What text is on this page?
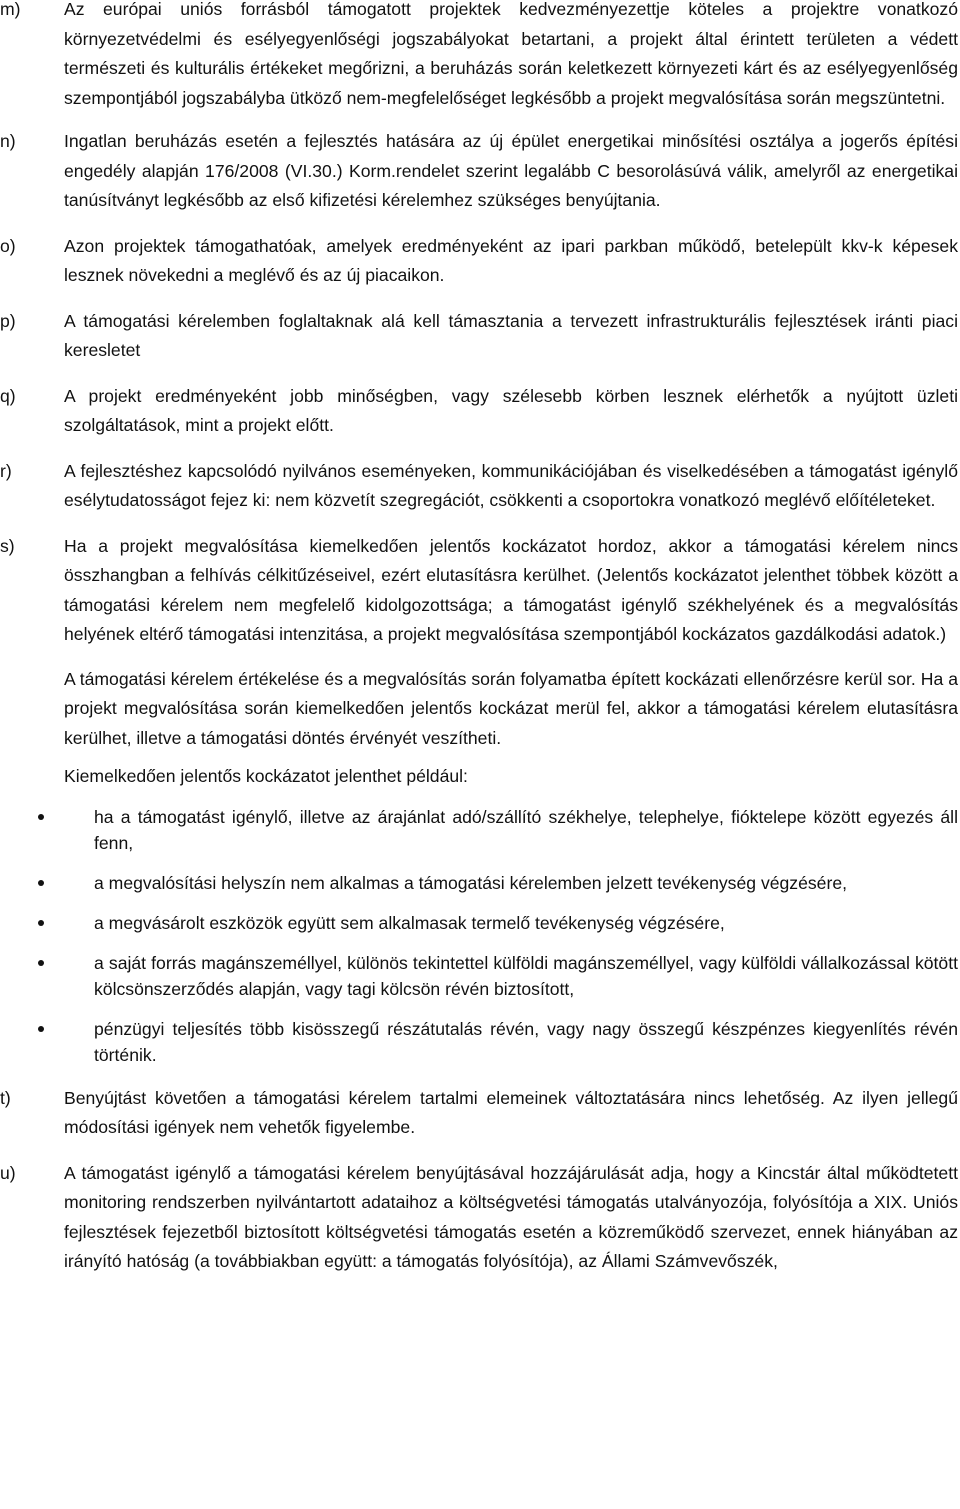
m) Az európai uniós forrásból támogatott projektek kedvezményezettje köteles a projektre vonatkozó környezetvédelmi és esélyegyenlőségi jogszabályokat betartani, a projekt által érintett területen a védett természeti és kulturális értékeket megőrizni, a beruházás során keletkezett környezeti kárt és az esélyegyenlőség szempontjából jogszabályba ütköző nem-megfelelőséget legkésőbb a projekt megvalósítása során megszüntetni.

n)	Ingatlan beruházás esetén a fejlesztés hatására az új épület energetikai minősítési osztálya a jogerős építési engedély alapján 176/2008 (VI.30.) Korm.rendelet szerint legalább C besorolásúvá válik, amelyről az energetikai tanúsítványt legkésőbb az első kifizetési kérelemhez szükséges benyújtania.

o)	Azon projektek támogathatóak, amelyek eredményeként az ipari parkban működő, betelepült kkv-k képesek lesznek növekedni a meglévő és az új piacaikon.

p)	A támogatási kérelemben foglaltaknak alá kell támasztania a tervezett infrastrukturális fejlesztések iránti piaci keresletet

q)	A projekt eredményeként jobb minőségben, vagy szélesebb körben lesznek elérhetők a nyújtott üzleti szolgáltatások, mint a projekt előtt.

r)	A fejlesztéshez kapcsolódó nyilvános eseményeken, kommunikációjában és viselkedésében a támogatást igénylő esélytudatosságot fejez ki: nem közvetít szegregációt, csökkenti a csoportokra vonatkozó meglévő előítéleteket.

s)	Ha a projekt megvalósítása kiemelkedően jelentős kockázatot hordoz, akkor a támogatási kérelem nincs összhangban a felhívás célkitűzéseivel, ezért elutasításra kerülhet. (Jelentős kockázatot jelenthet többek között a támogatási kérelem nem megfelelő kidolgozottsága; a támogatást igénylő székhelyének és a megvalósítás helyének eltérő támogatási intenzitása, a projekt megvalósítása szempontjából kockázatos gazdálkodási adatok.)

A támogatási kérelem értékelése és a megvalósítás során folyamatba épített kockázati ellenőrzésre kerül sor. Ha a projekt megvalósítása során kiemelkedően jelentős kockázat merül fel, akkor a támogatási kérelem elutasításra kerülhet, illetve a támogatási döntés érvényét veszítheti.

Kiemelkedően jelentős kockázatot jelenthet például:

ha a támogatást igénylő, illetve az árajánlat adó/szállító székhelye, telephelye, fióktelepe között egyezés áll fenn,
a megvalósítási helyszín nem alkalmas a támogatási kérelemben jelzett tevékenység végzésére,
a megvásárolt eszközök együtt sem alkalmasak termelő tevékenység végzésére,
a saját forrás magánszeméllyel, különös tekintettel külföldi magánszeméllyel, vagy külföldi vállalkozással kötött kölcsönszerződés alapján, vagy tagi kölcsön révén biztosított,
pénzügyi teljesítés több kisösszegű részátutalás révén, vagy nagy összegű készpénzes kiegyenlítés révén történik.
t)	Benyújtást követően a támogatási kérelem tartalmi elemeinek változtatására nincs lehetőség. Az ilyen jellegű módosítási igények nem vehetők figyelembe.

u)	A támogatást igénylő a támogatási kérelem benyújtásával hozzájárulását adja, hogy a Kincstár által működtetett monitoring rendszerben nyilvántartott adataihoz a költségvetési támogatás utalványozója, folyósítója a XIX. Uniós fejlesztések fejezetből biztosított költségvetési támogatás esetén a közreműködő szervezet, ennek hiányában az irányító hatóság (a továbbiakban együtt: a támogatás folyósítója), az Állami Számvevőszék,
